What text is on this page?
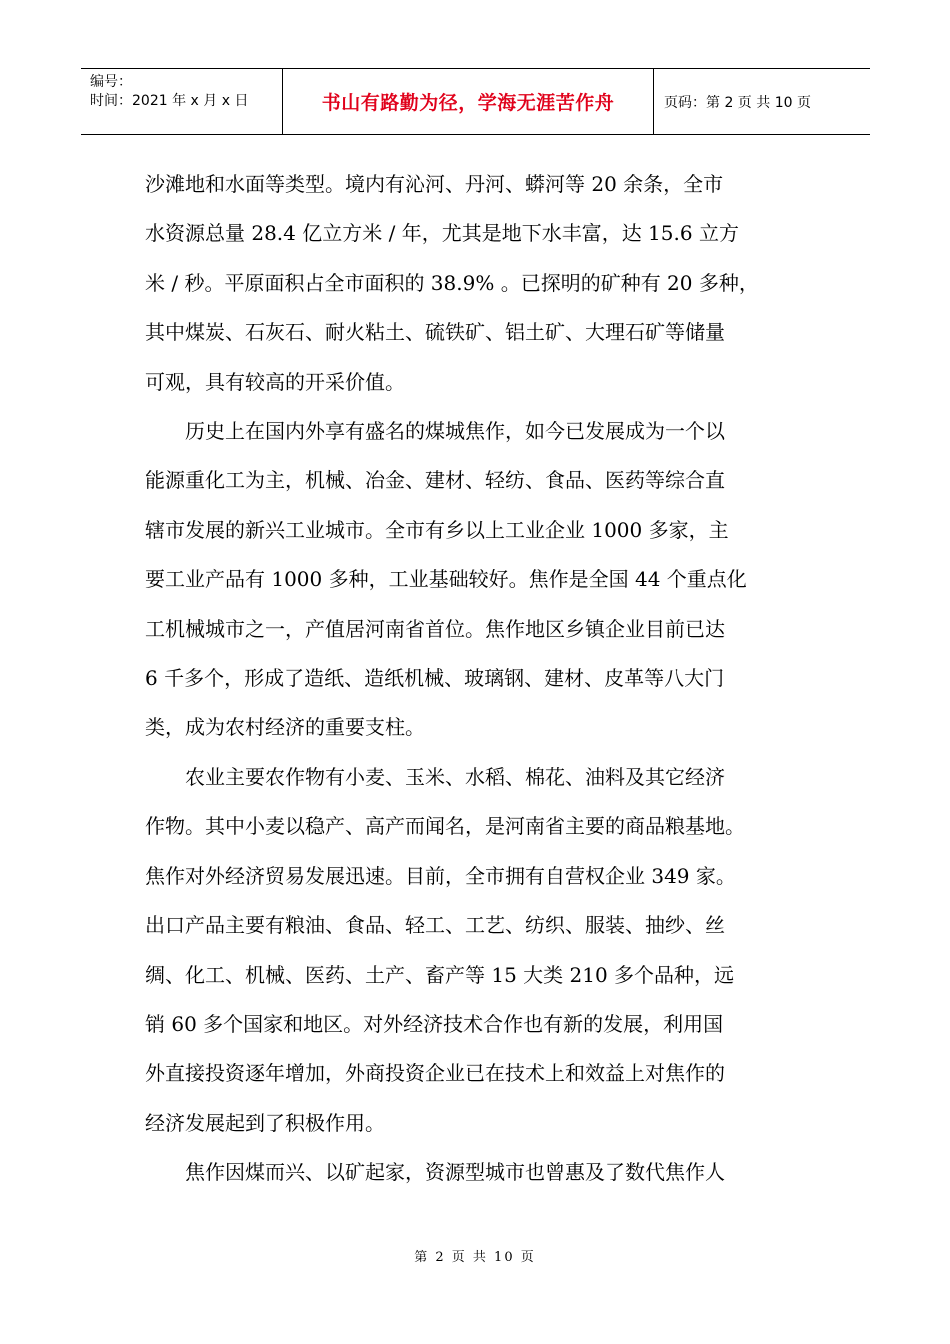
编号：
时间：2021 年 x 月 x 日	书山有路勤为径，学海无涯苦作舟	页码：第 2 页 共 10 页

沙滩地和水面等类型。境内有沁河、丹河、蟒河等 20 余条，全市
水资源总量 28.4 亿立方米 / 年，尤其是地下水丰富，达 15.6 立方
米 / 秒。平原面积占全市面积的 38.9% 。已探明的矿种有 20 多种，
其中煤炭、石灰石、耐火粘土、硫铁矿、铝土矿、大理石矿等储量
可观，具有较高的开采价值。

　　历史上在国内外享有盛名的煤城焦作，如今已发展成为一个以
能源重化工为主，机械、冶金、建材、轻纺、食品、医药等综合直
辖市发展的新兴工业城市。全市有乡以上工业企业 1000 多家，主
要工业产品有 1000 多种，工业基础较好。焦作是全国 44 个重点化
工机械城市之一，产值居河南省首位。焦作地区乡镇企业目前已达
6 千多个，形成了造纸、造纸机械、玻璃钢、建材、皮革等八大门
类，成为农村经济的重要支柱。

　　农业主要农作物有小麦、玉米、水稻、棉花、油料及其它经济
作物。其中小麦以稳产、高产而闻名，是河南省主要的商品粮基地。
焦作对外经济贸易发展迅速。目前，全市拥有自营权企业 349 家。
出口产品主要有粮油、食品、轻工、工艺、纺织、服装、抽纱、丝
绸、化工、机械、医药、土产、畜产等 15 大类 210 多个品种，远
销 60 多个国家和地区。对外经济技术合作也有新的发展，利用国
外直接投资逐年增加，外商投资企业已在技术上和效益上对焦作的
经济发展起到了积极作用。

　　焦作因煤而兴、以矿起家，资源型城市也曾惠及了数代焦作人

第 2 页 共 10 页
